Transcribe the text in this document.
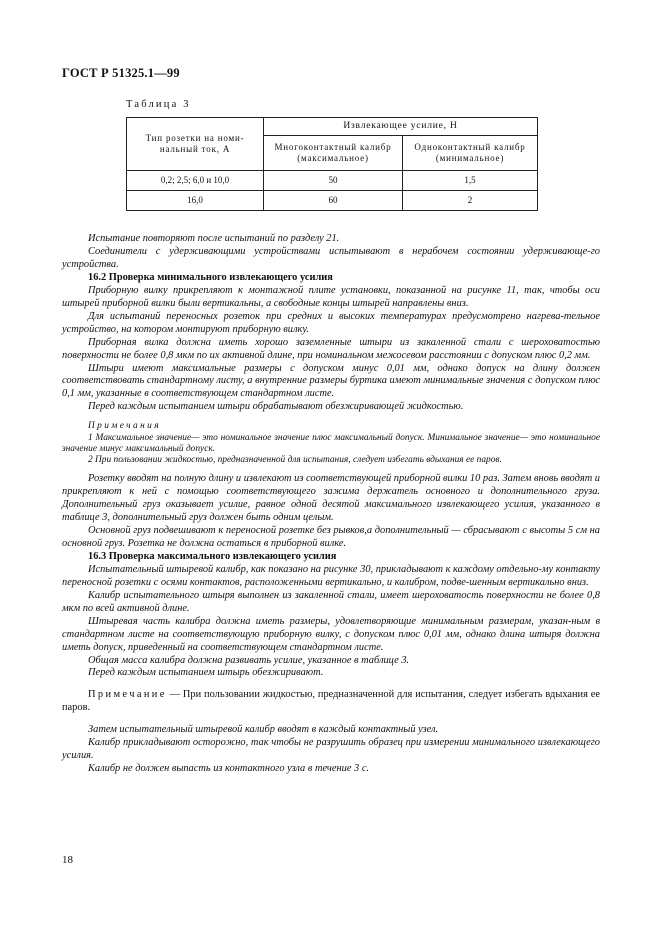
ГОСТ Р 51325.1—99
Таблица 3
Тип розетки на номи-нальный ток, А	Извлекающее усилие, Н	
	Многоконтактный калибр (максимальное)	Одноконтактный калибр (минимальное)
0,2; 2,5; 6,0 и 10,0	50	1,5
16,0	60	2

Испытание повторяют после испытаний по разделу 21.

Соединители с удерживающими устройствами испытывают в нерабочем состоянии удерживающе-го устройства.

16.2 Проверка минимального извлекающего усилия

Приборную вилку прикрепляют к монтажной плите установки, показанной на рисунке 11, так, чтобы оси штырей приборной вилки были вертикальны, а свободные концы штырей направлены вниз.

Для испытаний переносных розеток при средних и высоких температурах предусмотрено нагрева-тельное устройство, на котором монтируют приборную вилку.

Приборная вилка должна иметь хорошо заземленные штыри из закаленной стали с шероховатостью поверхности не более 0,8 мкм по их активной длине, при номинальном межосевом расстоянии с допуском плюс 0,2 мм.

Штыри имеют максимальные размеры с допуском минус 0,01 мм, однако допуск на длину должен соответствовать стандартному листу, а внутренние размеры буртика имеют минимальные значения с допуском плюс 0,1 мм, указанные в соответствующем стандартном листе.

Перед каждым испытанием штыри обрабатывают обезжиривающей жидкостью.

Примечания

1 Максимальное значение— это номинальное значение плюс максимальный допуск. Минимальное значение— это номинальное значение минус максимальный допуск.

2 При пользовании жидкостью, предназначенной для испытания, следует избегать вдыхания ее паров.

Розетку вводят на полную длину и извлекают из соответствующей приборной вилки 10 раз. Затем вновь вводят и прикрепляют к ней с помощью соответствующего зажима держатель основного и дополнительного груза. Дополнительный груз оказывает усилие, равное одной десятой максимального извлекающего усилия, указанного в таблице 3, дополнительный груз должен быть одним целым.

Основной груз подвешивают к переносной розетке без рывков,а дополнительный — сбрасывают с высоты 5 см на основной груз. Розетка не должна остаться в приборной вилке.

16.3 Проверка максимального извлекающего усилия

Испытательный штыревой калибр, как показано на рисунке 30, прикладывают к каждому отдельно-му контакту переносной розетки с осями контактов, расположенными вертикально, и калибром, подве-шенным вертикально вниз.

Калибр испытательного штыря выполнен из закаленной стали, имеет шероховатость поверхности не более 0,8 мкм по всей активной длине.

Штыревая часть калибра должна иметь размеры, удовлетворяющие минимальным размерам, указан-ным в стандартном листе на соответствующую приборную вилку, с допуском плюс 0,01 мм, однако длина штыря должна иметь допуск, приведенный на соответствующем стандартном листе.

Общая масса калибра должна развивать усилие, указанное в таблице 3.

Перед каждым испытанием штырь обезжиривают.

Примечание — При пользовании жидкостью, предназначенной для испытания, следует избегать вдыхания ее паров.

Затем испытательный штыревой калибр вводят в каждый контактный узел.

Калибр прикладывают осторожно, так чтобы не разрушить образец при измерении минимального извлекающего усилия.

Калибр не должен выпасть из контактного узла в течение 3 с.

18
